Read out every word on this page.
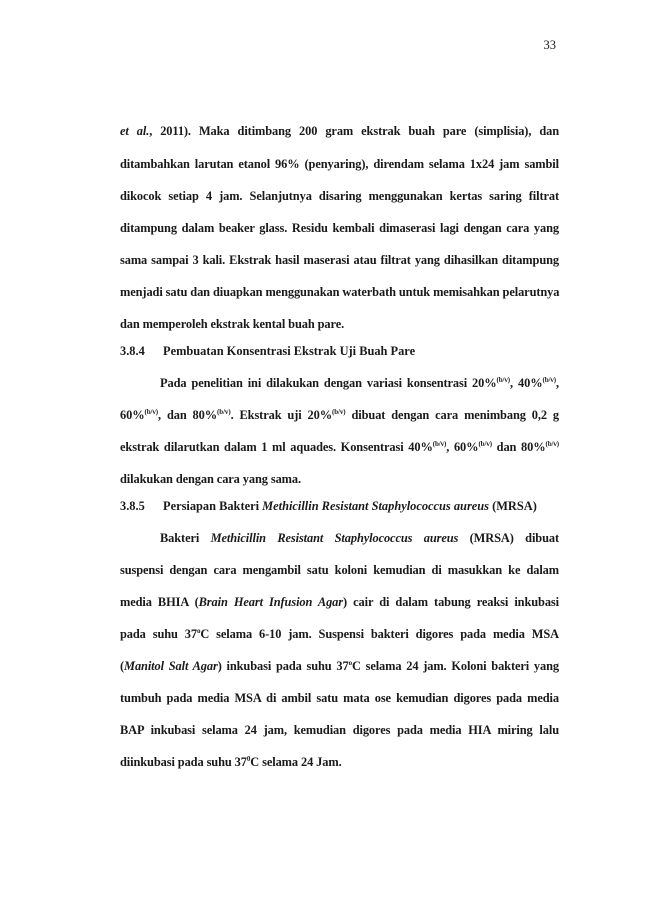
33
et al., 2011). Maka ditimbang 200 gram ekstrak buah pare (simplisia), dan
ditambahkan larutan etanol 96% (penyaring), direndam selama 1x24 jam sambil
dikocok setiap 4 jam. Selanjutnya disaring menggunakan kertas saring filtrat
ditampung dalam beaker glass. Residu kembali dimaserasi lagi dengan cara yang
sama sampai 3 kali. Ekstrak hasil maserasi atau filtrat yang dihasilkan ditampung
menjadi satu dan diuapkan menggunakan waterbath untuk memisahkan pelarutnya
dan memperoleh ekstrak kental buah pare.
3.8.4 Pembuatan Konsentrasi Ekstrak Uji Buah Pare
Pada penelitian ini dilakukan dengan variasi konsentrasi 20%$^{(b/v)}$, 40%$^{(b/v)}$,
60%$^{(b/v)}$, dan 80%$^{(b/v)}$. Ekstrak uji 20%$^{(b/v)}$ dibuat dengan cara menimbang 0,2 g
ekstrak dilarutkan dalam 1 ml aquades. Konsentrasi 40%$^{(b/v)}$, 60%$^{(b/v)}$ dan 80%$^{(b/v)}$
dilakukan dengan cara yang sama.
3.8.5 Persiapan Bakteri Methicillin Resistant Staphylococcus aureus (MRSA)
Bakteri Methicillin Resistant Staphylococcus aureus (MRSA) dibuat
suspensi dengan cara mengambil satu koloni kemudian di masukkan ke dalam
media BHIA (Brain Heart Infusion Agar) cair di dalam tabung reaksi inkubasi
pada suhu 37$^o$C selama 6-10 jam. Suspensi bakteri digores pada media MSA
(Manitol Salt Agar) inkubasi pada suhu 37$^o$C selama 24 jam. Koloni bakteri yang
tumbuh pada media MSA di ambil satu mata ose kemudian digores pada media
BAP inkubasi selama 24 jam, kemudian digores pada media HIA miring lalu
diinkubasi pada suhu $37^0C$ selama 24 Jam.
